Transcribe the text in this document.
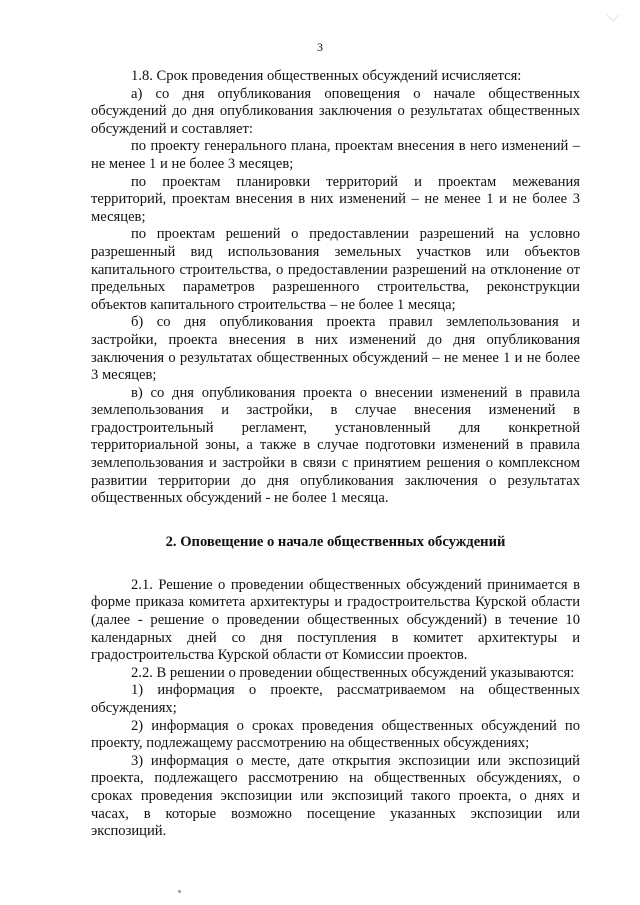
3

1.8. Срок проведения общественных обсуждений исчисляется:

а) со дня опубликования оповещения о начале общественных обсуждений до дня опубликования заключения о результатах общественных обсуждений и составляет:

по проекту генерального плана, проектам внесения в него изменений – не менее 1 и не более 3 месяцев;

по проектам планировки территорий и проектам межевания территорий, проектам внесения в них изменений – не менее 1 и не более 3 месяцев;

по проектам решений о предоставлении разрешений на условно разрешенный вид использования земельных участков или объектов капитального строительства, о предоставлении разрешений на отклонение от предельных параметров разрешенного строительства, реконструкции объектов капитального строительства – не более 1 месяца;

б) со дня опубликования проекта правил землепользования и застройки, проекта внесения в них изменений до дня опубликования заключения о результатах общественных обсуждений – не менее 1 и не более 3 месяцев;

в) со дня опубликования проекта о внесении изменений в правила землепользования и застройки, в случае внесения изменений в градостроительный регламент, установленный для конкретной территориальной зоны, а также в случае подготовки изменений в правила землепользования и застройки в связи с принятием решения о комплексном развитии территории до дня опубликования заключения о результатах общественных обсуждений - не более 1 месяца.

2. Оповещение о начале общественных обсуждений

2.1. Решение о проведении общественных обсуждений принимается в форме приказа комитета архитектуры и градостроительства Курской области (далее - решение о проведении общественных обсуждений) в течение 10 календарных дней со дня поступления в комитет архитектуры и градостроительства Курской области от Комиссии проектов.

2.2. В решении о проведении общественных обсуждений указываются:

1) информация о проекте, рассматриваемом на общественных обсуждениях;

2) информация о сроках проведения общественных обсуждений по проекту, подлежащему рассмотрению на общественных обсуждениях;

3) информация о месте, дате открытия экспозиции или экспозиций проекта, подлежащего рассмотрению на общественных обсуждениях, о сроках проведения экспозиции или экспозиций такого проекта, о днях и часах, в которые возможно посещение указанных экспозиции или экспозиций.
